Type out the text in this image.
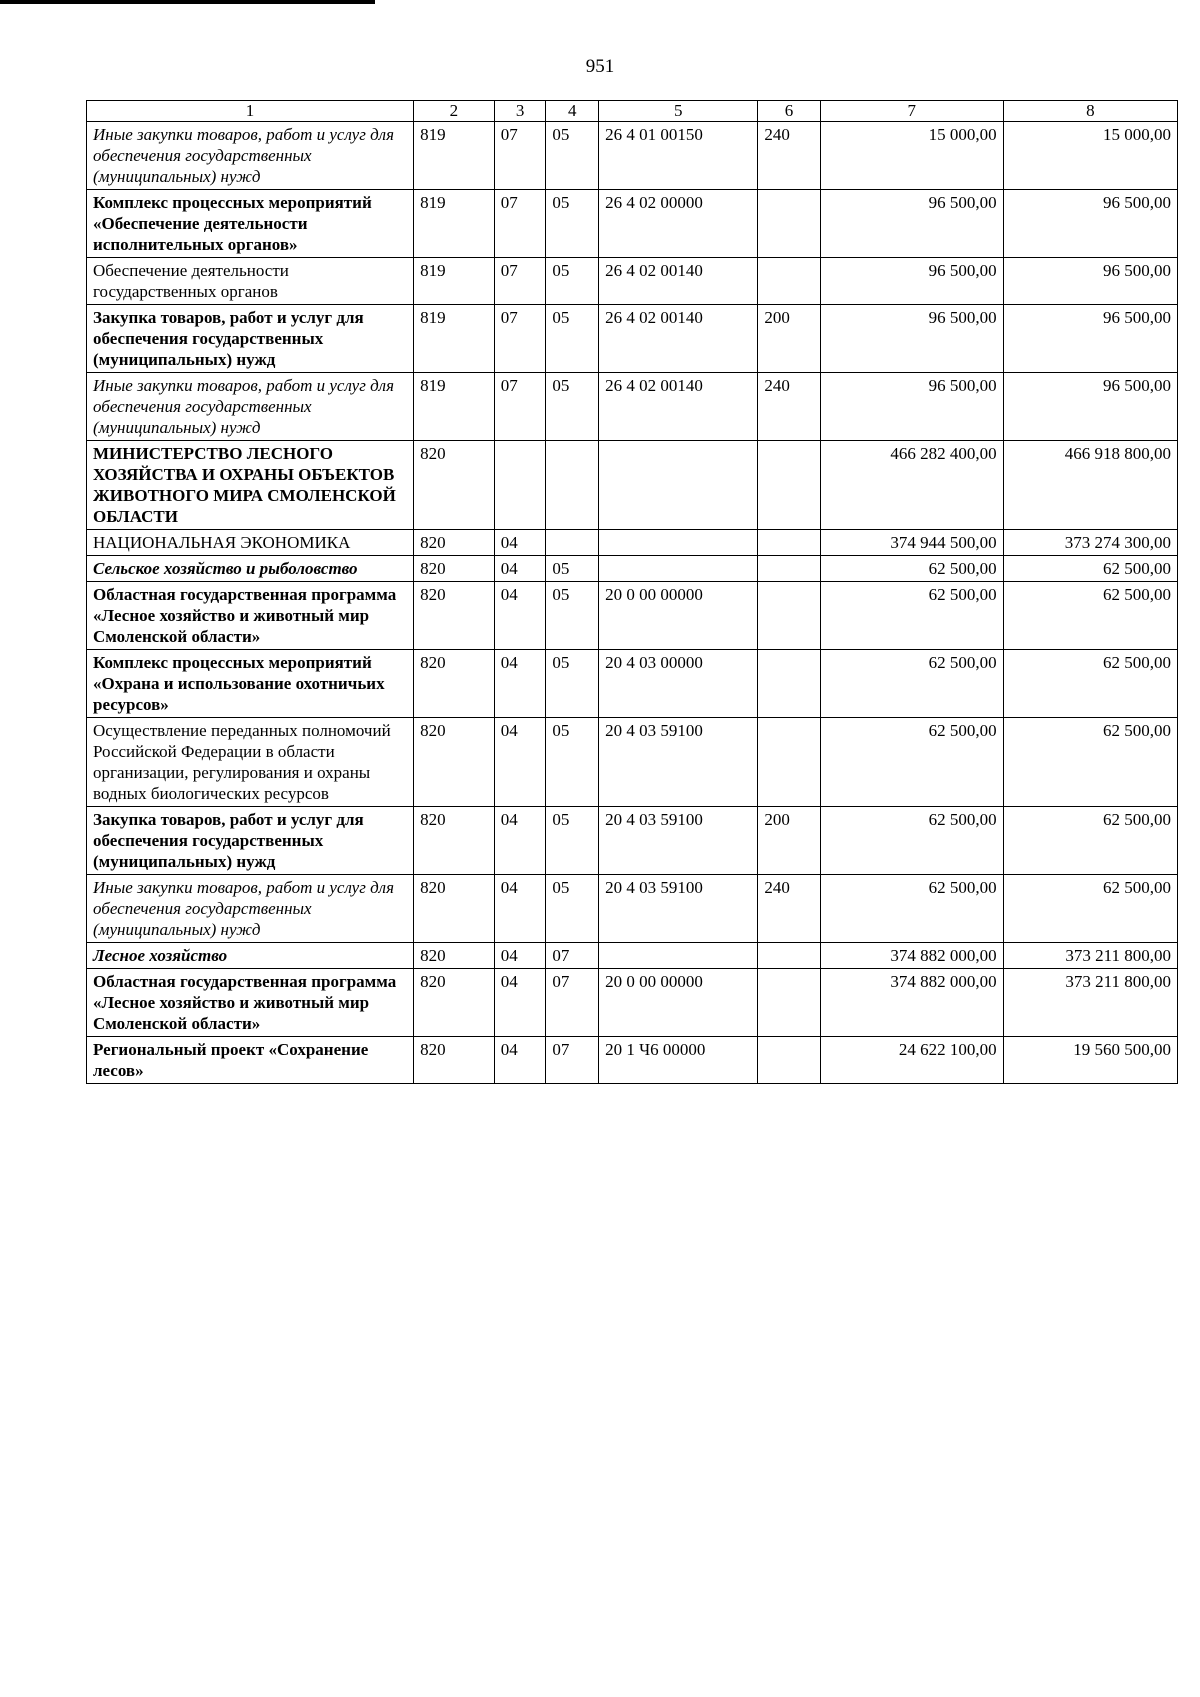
951
1	2	3	4	5	6	7	8
Иные закупки товаров, работ и услуг для обеспечения государственных (муниципальных) нужд	819	07	05	26 4 01 00150	240	15 000,00	15 000,00
Комплекс процессных мероприятий «Обеспечение деятельности исполнительных органов»	819	07	05	26 4 02 00000		96 500,00	96 500,00
Обеспечение деятельности государственных органов	819	07	05	26 4 02 00140		96 500,00	96 500,00
Закупка товаров, работ и услуг для обеспечения государственных (муниципальных) нужд	819	07	05	26 4 02 00140	200	96 500,00	96 500,00
Иные закупки товаров, работ и услуг для обеспечения государственных (муниципальных) нужд	819	07	05	26 4 02 00140	240	96 500,00	96 500,00
МИНИСТЕРСТВО ЛЕСНОГО ХОЗЯЙСТВА И ОХРАНЫ ОБЪЕКТОВ ЖИВОТНОГО МИРА СМОЛЕНСКОЙ ОБЛАСТИ	820					466 282 400,00	466 918 800,00
НАЦИОНАЛЬНАЯ ЭКОНОМИКА	820	04				374 944 500,00	373 274 300,00
Сельское хозяйство и рыболовство	820	04	05			62 500,00	62 500,00
Областная государственная программа «Лесное хозяйство и животный мир Смоленской области»	820	04	05	20 0 00 00000		62 500,00	62 500,00
Комплекс процессных мероприятий «Охрана и использование охотничьих ресурсов»	820	04	05	20 4 03 00000		62 500,00	62 500,00
Осуществление переданных полномочий Российской Федерации в области организации, регулирования и охраны водных биологических ресурсов	820	04	05	20 4 03 59100		62 500,00	62 500,00
Закупка товаров, работ и услуг для обеспечения государственных (муниципальных) нужд	820	04	05	20 4 03 59100	200	62 500,00	62 500,00
Иные закупки товаров, работ и услуг для обеспечения государственных (муниципальных) нужд	820	04	05	20 4 03 59100	240	62 500,00	62 500,00
Лесное хозяйство	820	04	07			374 882 000,00	373 211 800,00
Областная государственная программа «Лесное хозяйство и животный мир Смоленской области»	820	04	07	20 0 00 00000		374 882 000,00	373 211 800,00
Региональный проект «Сохранение лесов»	820	04	07	20 1 Ч6 00000		24 622 100,00	19 560 500,00
